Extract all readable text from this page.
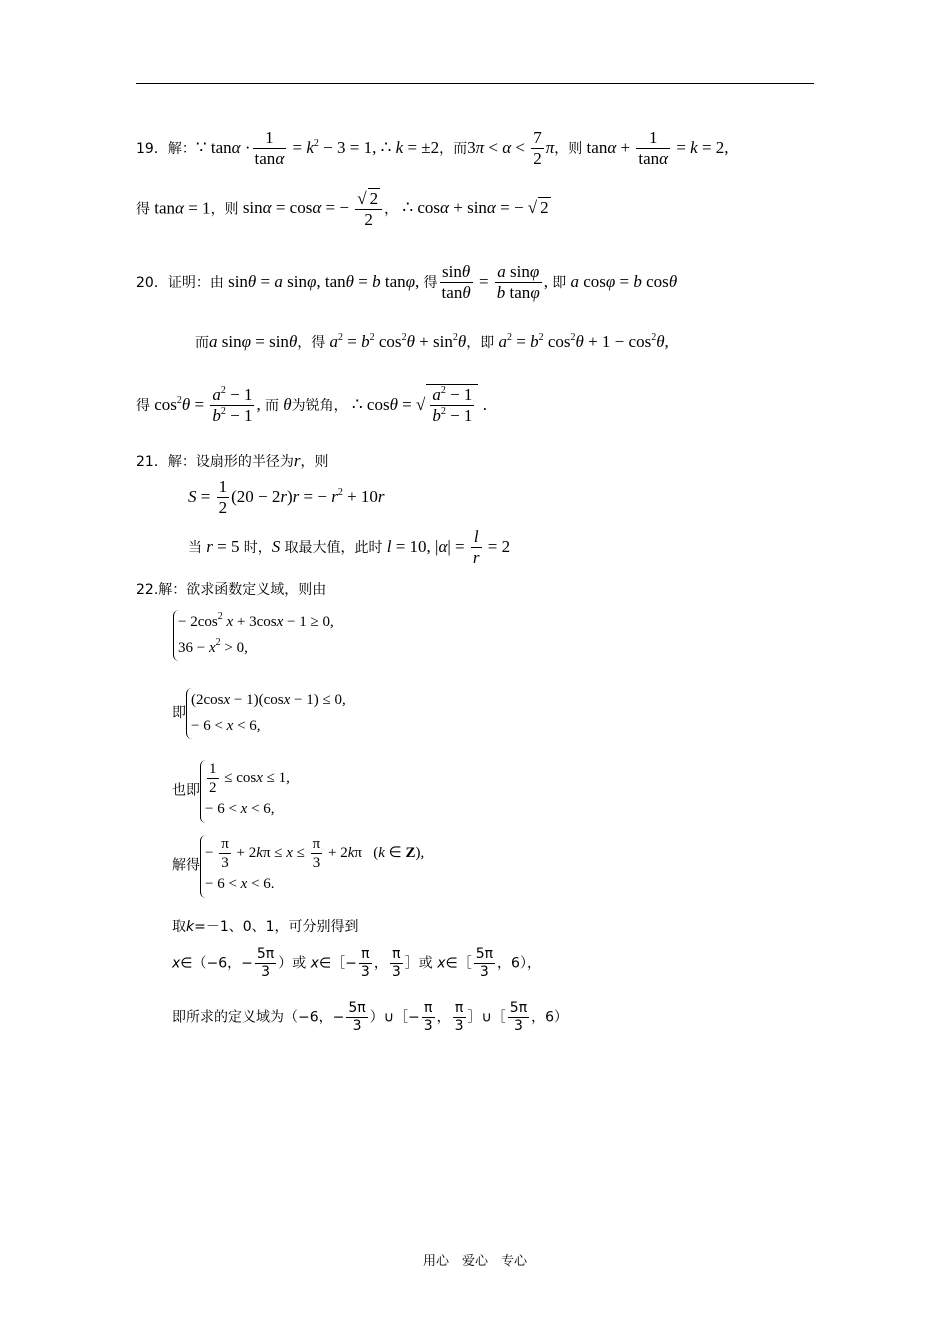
19．解：∵ $\tan\alpha \cdot \frac{1}{\tan\alpha} = k^2 - 3 = 1$, ∴ k = ±2，而$3\pi < \alpha < \frac{7}{2}$ π，则 $\tan\alpha + \frac{1}{\tan\alpha} = k = 2$,
得 tanα = 1，则 sinα = cosα = − $\frac{√ 2}{2}$ ， ∴ cosα + sinα = − √ 2
20．证明：由 sinθ = a sinφ, tanθ = b tanφ, 得 $\frac{\sin\theta}{\tan\theta} = \frac{\text{a sinφ}}{\text{b tanφ}}$ , 即 a cosφ = b cosθ
而a sinφ = sinθ，得 $a^2 = b^2$ $\cos^2\theta + \sin^2\theta$，即 $a^2 = b^2$ $\cos^2\theta + 1 - \cos^2\theta$,
得 $\cos^2\theta = \frac{a^2 - 1}{b^2 - 1}$ , 而 θ为锐角， ∴ cosθ = √ $\frac{a^2 - 1}{b^2 - 1}$ .
21．解：设扇形的半径为r，则
$S = \frac{1}{2} (20 - 2r)r$ = − $r^2 + 10r$
当 r = 5 时，S 取最大值，此时 l = 10, $|\alpha| = \frac{l}{r} = 2$
22.解：欲求函数定义域，则由
− $2\cos^2$ x + 3cosx − 1 ≥ 0,
$36 - x^2 > 0$,
即
(2cosx − 1)(cosx − 1) ≤ 0,
− 6 < x < 6,
也即 $\frac{1}{2} \le \cos x \le 1$,
− 6 < x < 6,
解得
− $\frac{\pi}{3} + 2k\pi \le x \le \frac{\pi}{3} + 2k\pi$   (k ∈ Z),
− 6 < x < 6.
取k=－1、0、1，可分别得到
x∈（−6，− $\frac{5\pi}{3}$ ）或 x∈［− $\frac{\pi}{3}$ ， $\frac{\pi}{3}$ ］或 x∈［ $\frac{5\pi}{3}$ ，6），
即所求的定义域为（−6，− $\frac{5\pi}{3}$ ）∪［− $\frac{\pi}{3}$ ， $\frac{\pi}{3}$ ］∪［ $\frac{5\pi}{3}$ ，6）
用心　爱心　专心
